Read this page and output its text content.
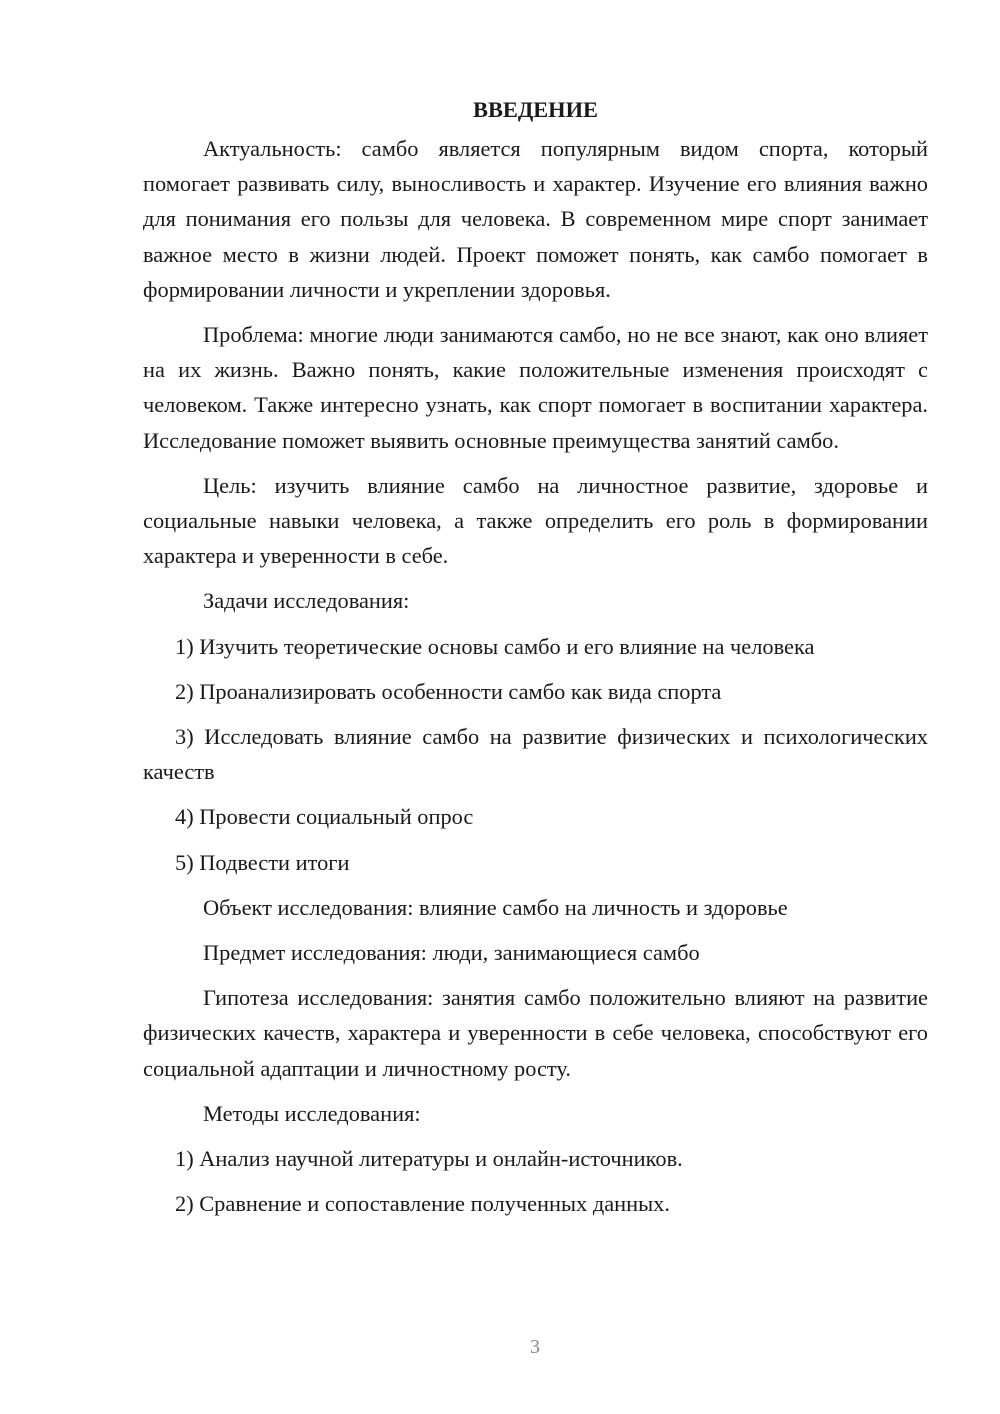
ВВЕДЕНИЕ
Актуальность: самбо является популярным видом спорта, который помогает развивать силу, выносливость и характер. Изучение его влияния важно для понимания его пользы для человека. В современном мире спорт занимает важное место в жизни людей. Проект поможет понять, как самбо помогает в формировании личности и укреплении здоровья.
Проблема: многие люди занимаются самбо, но не все знают, как оно влияет на их жизнь. Важно понять, какие положительные изменения происходят с человеком. Также интересно узнать, как спорт помогает в воспитании характера. Исследование поможет выявить основные преимущества занятий самбо.
Цель: изучить влияние самбо на личностное развитие, здоровье и социальные навыки человека, а также определить его роль в формировании характера и уверенности в себе.
Задачи исследования:
1) Изучить теоретические основы самбо и его влияние на человека
2) Проанализировать особенности самбо как вида спорта
3) Исследовать влияние самбо на развитие физических и психологических качеств
4) Провести социальный опрос
5) Подвести итоги
Объект исследования: влияние самбо на личность и здоровье
Предмет исследования: люди, занимающиеся самбо
Гипотеза исследования: занятия самбо положительно влияют на развитие физических качеств, характера и уверенности в себе человека, способствуют его социальной адаптации и личностному росту.
Методы исследования:
1) Анализ научной литературы и онлайн-источников.
2) Сравнение и сопоставление полученных данных.
3
